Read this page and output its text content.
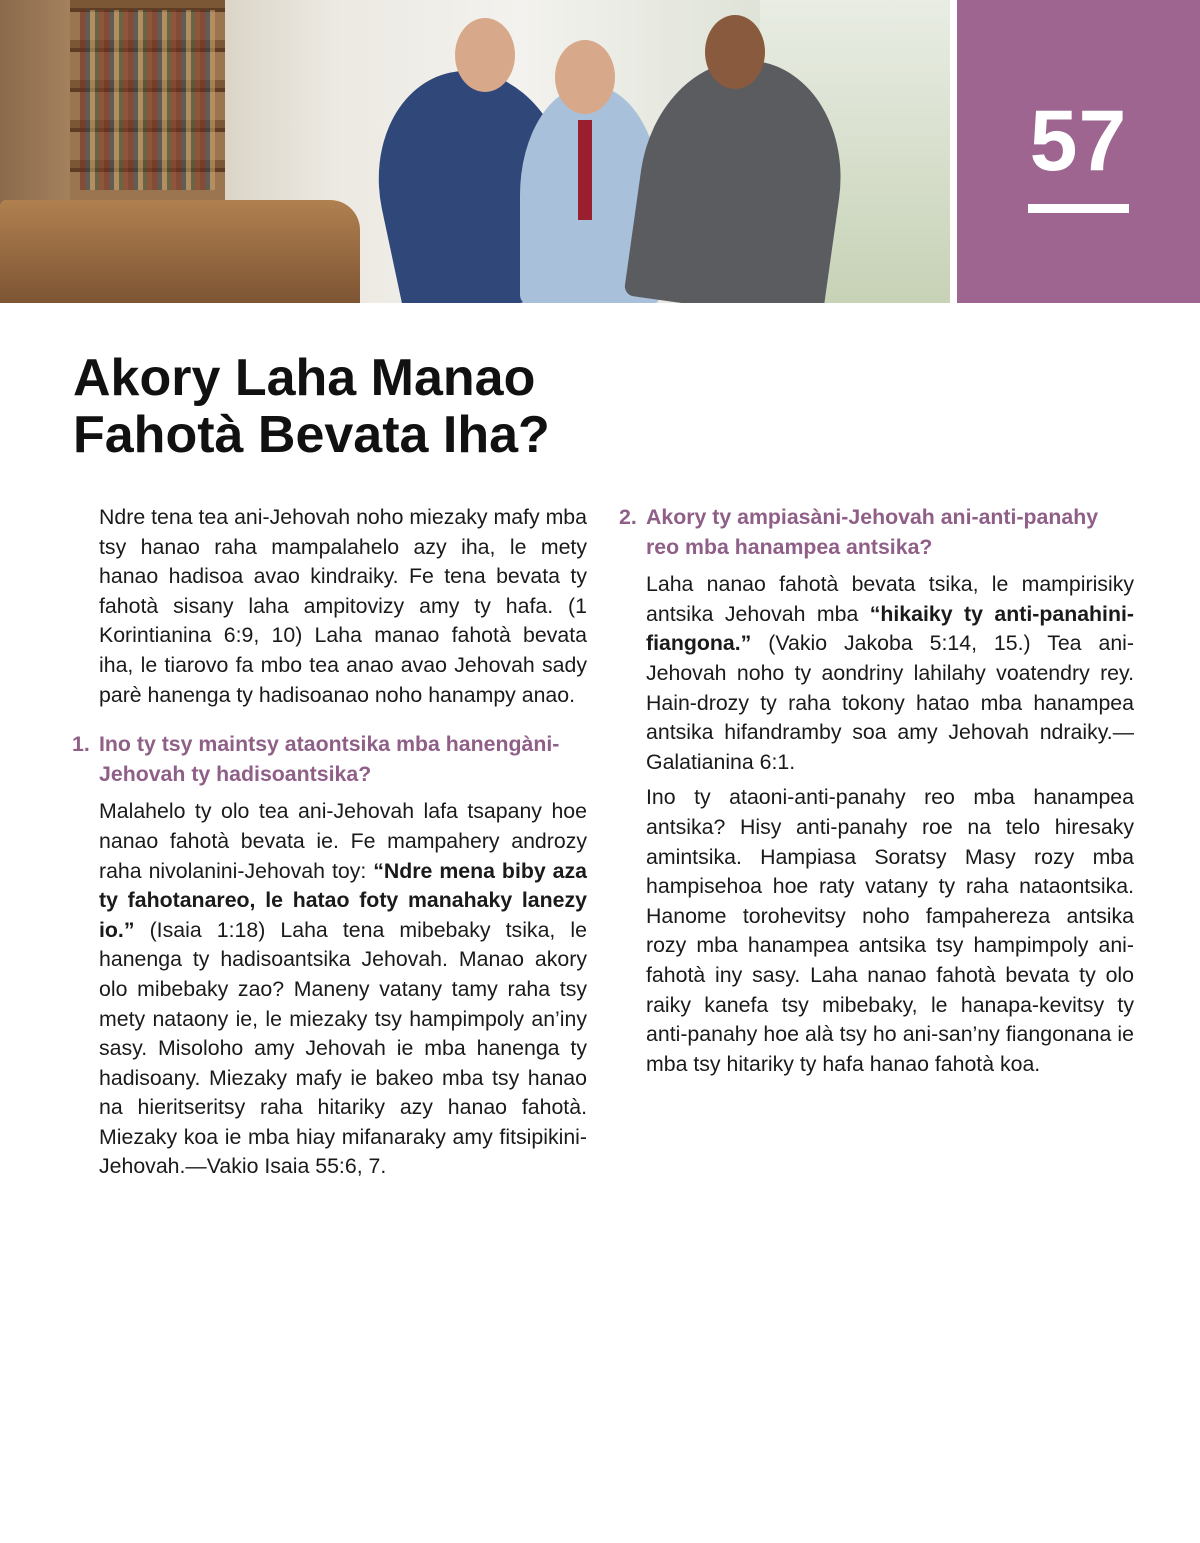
57
Akory Laha Manao
Fahotà Bevata Iha?

Ndre tena tea ani-Jehovah noho miezaky mafy mba tsy hanao raha mampalahelo azy iha, le mety hanao hadisoa avao kindraiky. Fe tena bevata ty fahotà sisany laha ampitovizy amy ty hafa. (1 Korintianina 6:9, 10) Laha manao fahotà bevata iha, le tiarovo fa mbo tea anao avao Jehovah sady parè hanenga ty hadisoanao noho hanampy anao.

1. Ino ty tsy maintsy ataontsika mba hanengàni-Jehovah ty hadisoantsika?

Malahelo ty olo tea ani-Jehovah lafa tsapany hoe nanao fahotà bevata ie. Fe mampahery androzy raha nivolanini-Jehovah toy: “Ndre mena biby aza ty fahotanareo, le hatao foty manahaky lanezy io.” (Isaia 1:18) Laha tena mibebaky tsika, le hanenga ty hadisoantsika Jehovah. Manao akory olo mibebaky zao? Maneny vatany tamy raha tsy mety nataony ie, le miezaky tsy hampimpoly an’iny sasy. Misoloho amy Jehovah ie mba hanenga ty hadisoany. Miezaky mafy ie bakeo mba tsy hanao na hieritseritsy raha hitariky azy hanao fahotà. Miezaky koa ie mba hiay mifanaraky amy fitsipikini-Jehovah.—Vakio Isaia 55:6, 7.

2. Akory ty ampiasàni-Jehovah ani-anti-panahy reo mba hanampea antsika?

Laha nanao fahotà bevata tsika, le mampirisiky antsika Jehovah mba “hikaiky ty anti-panahini-fiangona.” (Vakio Jakoba 5:14, 15.) Tea ani-Jehovah noho ty aondriny lahilahy voatendry rey. Hain-drozy ty raha tokony hatao mba hanampea antsika hifandramby soa amy Jehovah ndraiky.—Galatianina 6:1.

Ino ty ataoni-anti-panahy reo mba hanampea antsika? Hisy anti-panahy roe na telo hiresaky amintsika. Hampiasa Soratsy Masy rozy mba hampisehoa hoe raty vatany ty raha nataontsika. Hanome torohevitsy noho fampahereza antsika rozy mba hanampea antsika tsy hampimpoly ani-fahotà iny sasy. Laha nanao fahotà bevata ty olo raiky kanefa tsy mibebaky, le hanapa-kevitsy ty anti-panahy hoe alà tsy ho ani-san’ny fiangonana ie mba tsy hitariky ty hafa hanao fahotà koa.
